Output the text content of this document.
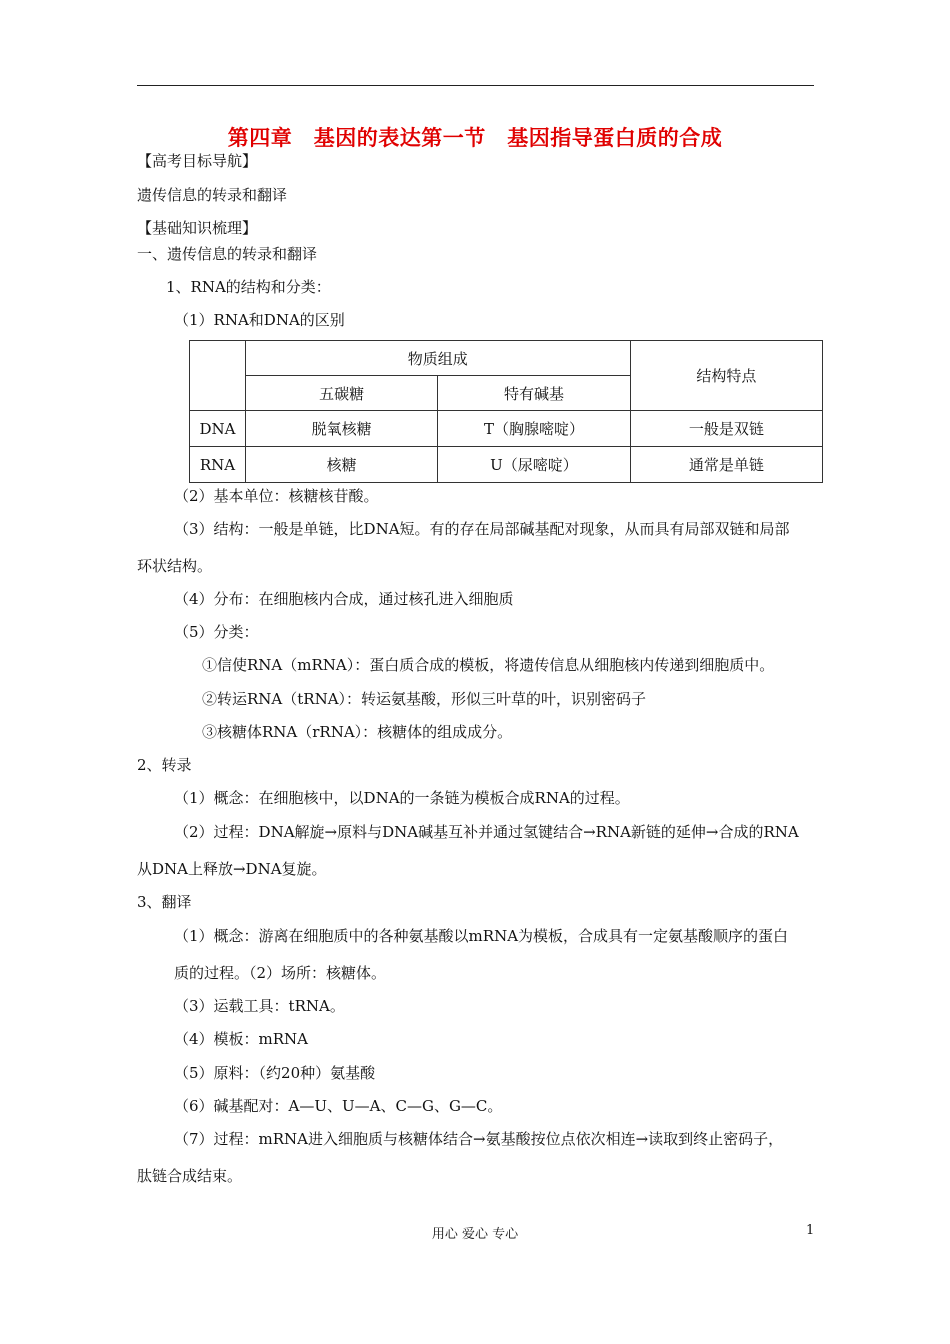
第四章　基因的表达第一节　基因指导蛋白质的合成
【高考目标导航】
遗传信息的转录和翻译
【基础知识梳理】
一、遗传信息的转录和翻译
1、RNA的结构和分类：
（1）RNA和DNA的区别
	物质组成		结构特点
	五碳糖	特有碱基	
DNA	脱氧核糖	T（胸腺嘧啶）	一般是双链
RNA	核糖	U（尿嘧啶）	通常是单链
（2）基本单位：核糖核苷酸。
（3）结构：一般是单链，比DNA短。有的存在局部碱基配对现象，从而具有局部双链和局部
环状结构。
（4）分布：在细胞核内合成，通过核孔进入细胞质
（5）分类：
①信使RNA（mRNA）：蛋白质合成的模板，将遗传信息从细胞核内传递到细胞质中。
②转运RNA（tRNA）：转运氨基酸，形似三叶草的叶，识别密码子
③核糖体RNA（rRNA）：核糖体的组成成分。
2、转录
（1）概念：在细胞核中，以DNA的一条链为模板合成RNA的过程。
（2）过程：DNA解旋→原料与DNA碱基互补并通过氢键结合→RNA新链的延伸→合成的RNA
从DNA上释放→DNA复旋。
3、翻译
（1）概念：游离在细胞质中的各种氨基酸以mRNA为模板，合成具有一定氨基酸顺序的蛋白
质的过程。（2）场所：核糖体。
（3）运载工具：tRNA。
（4）模板：mRNA
（5）原料：（约20种）氨基酸
（6）碱基配对：A—U、U—A、C—G、G—C。
（7）过程：mRNA进入细胞质与核糖体结合→氨基酸按位点依次相连→读取到终止密码子，
肽链合成结束。
用心 爱心 专心	1
